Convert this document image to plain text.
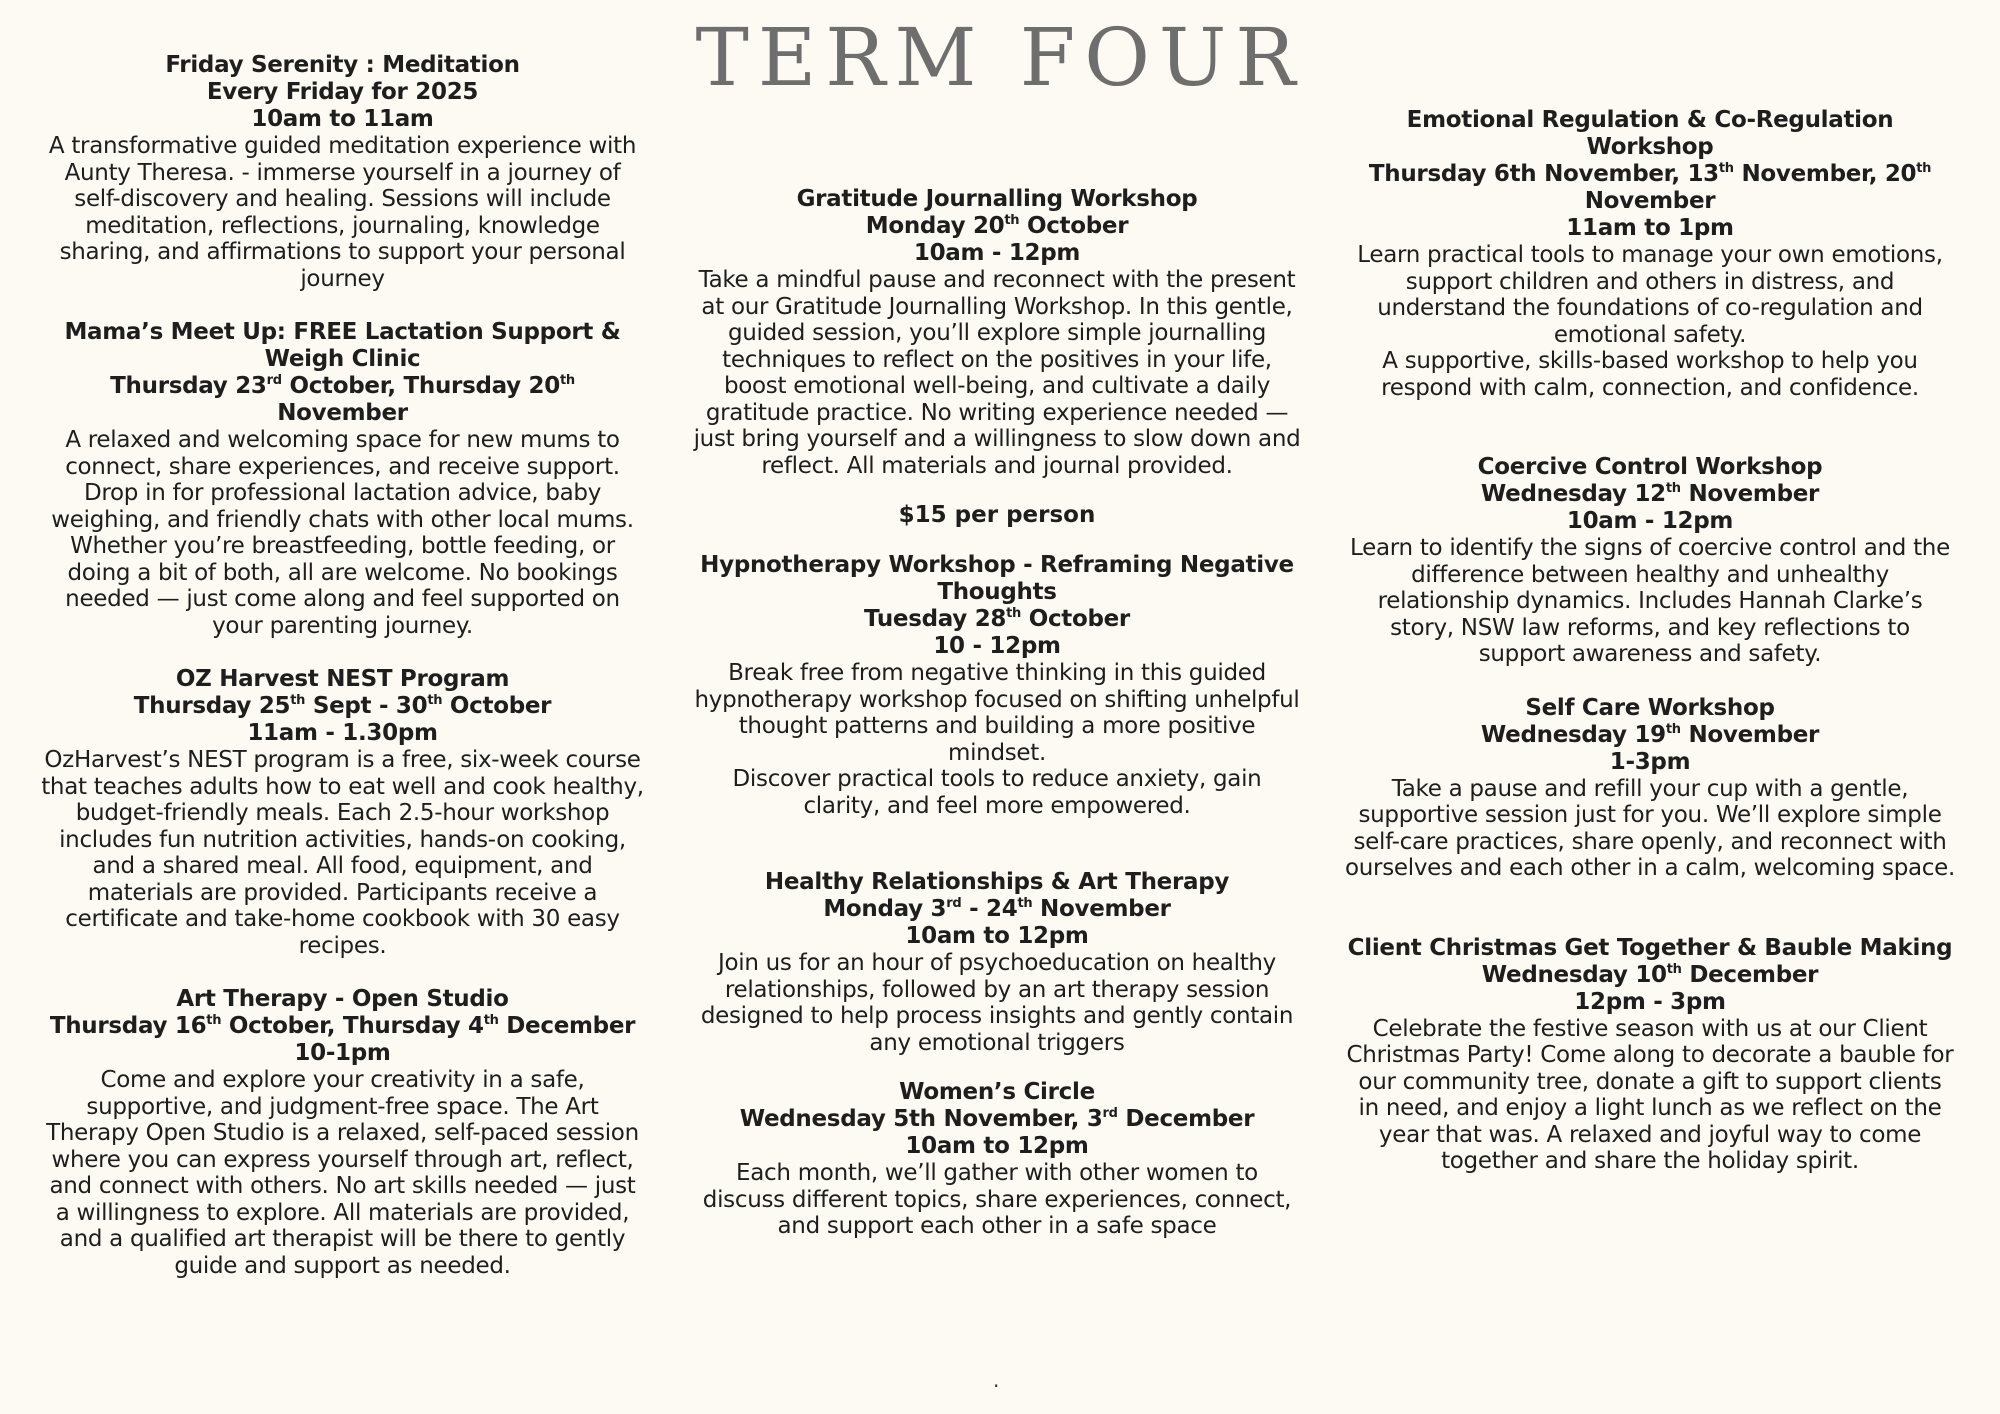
TERM FOUR

Friday Serenity : Meditation

Every Friday for 2025

10am to 11am

A transformative guided meditation experience with Aunty Theresa. - immerse yourself in a journey of self-discovery and healing. Sessions will include meditation, reflections, journaling, knowledge sharing, and affirmations to support your personal journey

Mama’s Meet Up: FREE Lactation Support & Weigh Clinic

Thursday 23rd October, Thursday 20th
November

A relaxed and welcoming space for new mums to connect, share experiences, and receive support. Drop in for professional lactation advice, baby weighing, and friendly chats with other local mums. Whether you’re breastfeeding, bottle feeding, or doing a bit of both, all are welcome. No bookings needed — just come along and feel supported on your parenting journey.

OZ Harvest NEST Program

Thursday 25th Sept - 30th October

11am - 1.30pm

OzHarvest’s NEST program is a free, six-week course that teaches adults how to eat well and cook healthy, budget-friendly meals. Each 2.5-hour workshop includes fun nutrition activities, hands-on cooking, and a shared meal. All food, equipment, and materials are provided. Participants receive a certificate and take-home cookbook with 30 easy recipes.

Art Therapy - Open Studio

Thursday 16th October, Thursday 4th December

10-1pm

Come and explore your creativity in a safe, supportive, and judgment-free space. The Art Therapy Open Studio is a relaxed, self-paced session where you can express yourself through art, reflect, and connect with others. No art skills needed — just a willingness to explore. All materials are provided, and a qualified art therapist will be there to gently guide and support as needed.

Gratitude Journalling Workshop

Monday 20th October

10am - 12pm

Take a mindful pause and reconnect with the present at our Gratitude Journalling Workshop. In this gentle, guided session, you’ll explore simple journalling techniques to reflect on the positives in your life, boost emotional well-being, and cultivate a daily gratitude practice. No writing experience needed — just bring yourself and a willingness to slow down and reflect. All materials and journal provided.

$15 per person

Hypnotherapy Workshop - Reframing Negative Thoughts

Tuesday 28th October

10 - 12pm

Break free from negative thinking in this guided hypnotherapy workshop focused on shifting unhelpful thought patterns and building a more positive mindset.

Discover practical tools to reduce anxiety, gain clarity, and feel more empowered.

Healthy Relationships & Art Therapy

Monday 3rd - 24th November

10am to 12pm

Join us for an hour of psychoeducation on healthy relationships, followed by an art therapy session designed to help process insights and gently contain any emotional triggers

Women’s Circle

Wednesday 5th November, 3rd December

10am to 12pm

Each month, we’ll gather with other women to discuss different topics, share experiences, connect, and support each other in a safe space

Emotional Regulation & Co-Regulation Workshop

Thursday 6th November, 13th November, 20th
November

11am to 1pm

Learn practical tools to manage your own emotions, support children and others in distress, and understand the foundations of co-regulation and emotional safety.

A supportive, skills-based workshop to help you respond with calm, connection, and confidence.

Coercive Control Workshop

Wednesday 12th November

10am - 12pm

Learn to identify the signs of coercive control and the difference between healthy and unhealthy relationship dynamics. Includes Hannah Clarke’s story, NSW law reforms, and key reflections to support awareness and safety.

Self Care Workshop

Wednesday 19th November

1-3pm

Take a pause and refill your cup with a gentle, supportive session just for you. We’ll explore simple self-care practices, share openly, and reconnect with ourselves and each other in a calm, welcoming space.

Client Christmas Get Together & Bauble Making

Wednesday 10th December

12pm - 3pm

Celebrate the festive season with us at our Client Christmas Party! Come along to decorate a bauble for our community tree, donate a gift to support clients in need, and enjoy a light lunch as we reflect on the year that was. A relaxed and joyful way to come together and share the holiday spirit.

.
